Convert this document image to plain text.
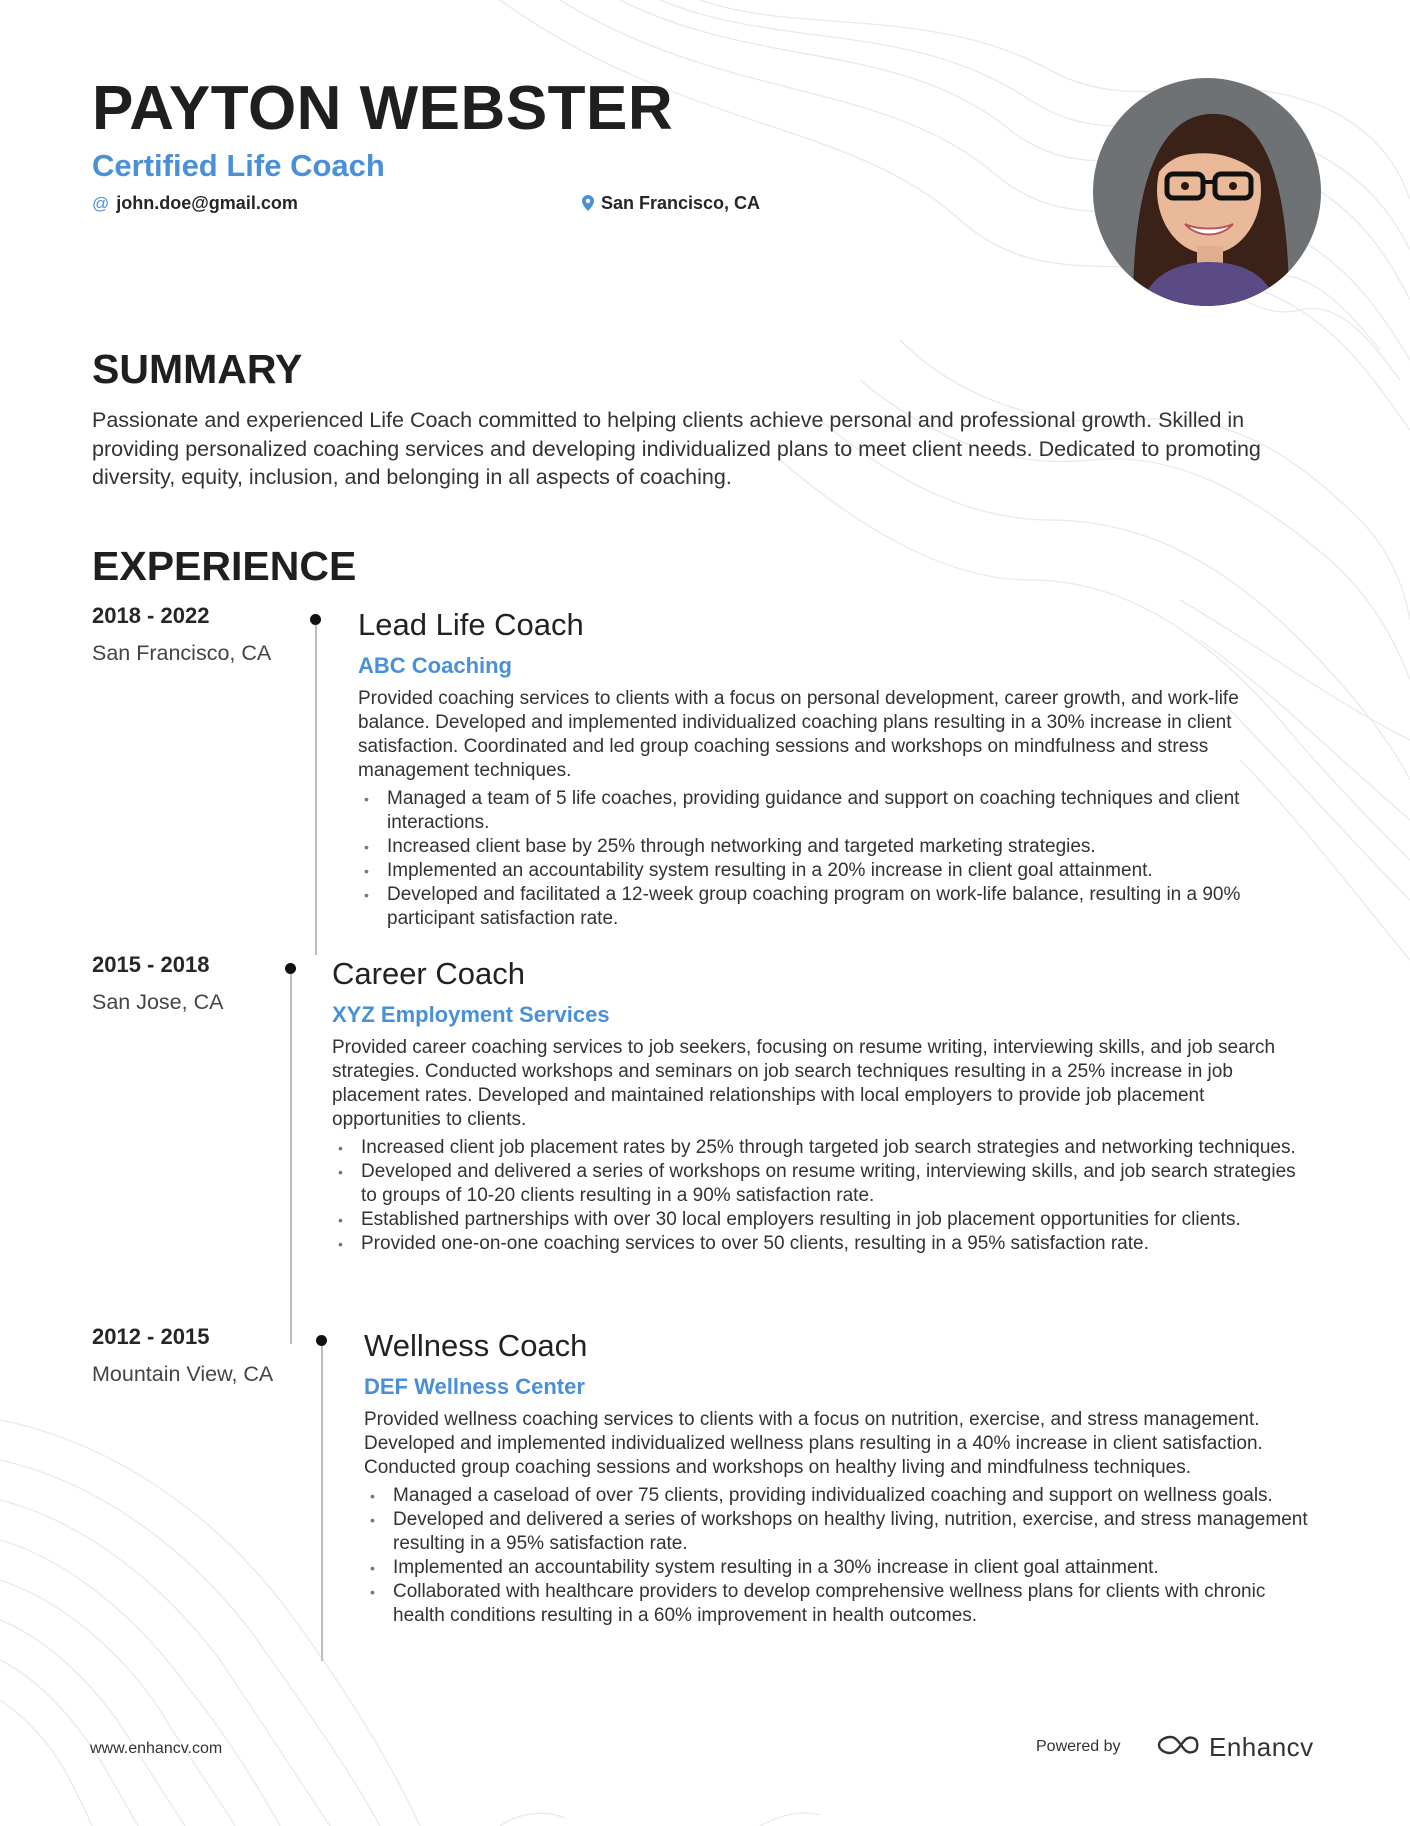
PAYTON WEBSTER
Certified Life Coach
@ john.doe@gmail.com	San Francisco, CA
SUMMARY
Passionate and experienced Life Coach committed to helping clients achieve personal and professional growth. Skilled in providing personalized coaching services and developing individualized plans to meet client needs. Dedicated to promoting diversity, equity, inclusion, and belonging in all aspects of coaching.
EXPERIENCE
2018 - 2022
San Francisco, CA
Lead Life Coach
ABC Coaching
Provided coaching services to clients with a focus on personal development, career growth, and work-life balance. Developed and implemented individualized coaching plans resulting in a 30% increase in client satisfaction. Coordinated and led group coaching sessions and workshops on mindfulness and stress management techniques.
• Managed a team of 5 life coaches, providing guidance and support on coaching techniques and client interactions.
• Increased client base by 25% through networking and targeted marketing strategies.
• Implemented an accountability system resulting in a 20% increase in client goal attainment.
• Developed and facilitated a 12-week group coaching program on work-life balance, resulting in a 90% participant satisfaction rate.
2015 - 2018
San Jose, CA
Career Coach
XYZ Employment Services
Provided career coaching services to job seekers, focusing on resume writing, interviewing skills, and job search strategies. Conducted workshops and seminars on job search techniques resulting in a 25% increase in job placement rates. Developed and maintained relationships with local employers to provide job placement opportunities to clients.
• Increased client job placement rates by 25% through targeted job search strategies and networking techniques.
• Developed and delivered a series of workshops on resume writing, interviewing skills, and job search strategies to groups of 10-20 clients resulting in a 90% satisfaction rate.
• Established partnerships with over 30 local employers resulting in job placement opportunities for clients.
• Provided one-on-one coaching services to over 50 clients, resulting in a 95% satisfaction rate.
2012 - 2015
Mountain View, CA
Wellness Coach
DEF Wellness Center
Provided wellness coaching services to clients with a focus on nutrition, exercise, and stress management. Developed and implemented individualized wellness plans resulting in a 40% increase in client satisfaction. Conducted group coaching sessions and workshops on healthy living and mindfulness techniques.
• Managed a caseload of over 75 clients, providing individualized coaching and support on wellness goals.
• Developed and delivered a series of workshops on healthy living, nutrition, exercise, and stress management resulting in a 95% satisfaction rate.
• Implemented an accountability system resulting in a 30% increase in client goal attainment.
• Collaborated with healthcare providers to develop comprehensive wellness plans for clients with chronic health conditions resulting in a 60% improvement in health outcomes.
www.enhancv.com	Powered by	Enhancv
